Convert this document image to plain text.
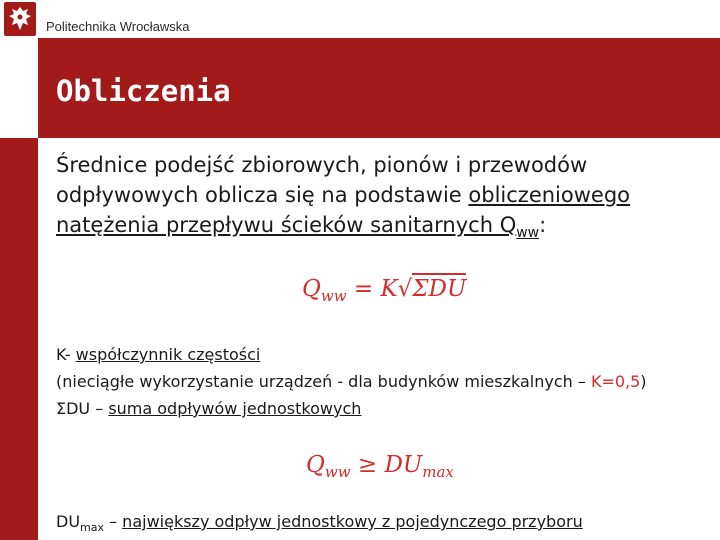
Politechnika Wrocławska
Obliczenia
Średnice podejść zbiorowych, pionów i przewodów
odpływowych oblicza się na podstawie obliczeniowego
natężenia przepływu ścieków sanitarnych $Q_{ww}$:
$Q_{ww} = K√\Sigma DU$
K- współczynnik częstości
(nieciągłe wykorzystanie urządzeń - dla budynków mieszkalnych – K=0,5)
ΣDU – suma odpływów jednostkowych
$Q_{ww} \ge DU_{max}$
$DU_{max}$ – największy odpływ jednostkowy z pojedynczego przyboru
